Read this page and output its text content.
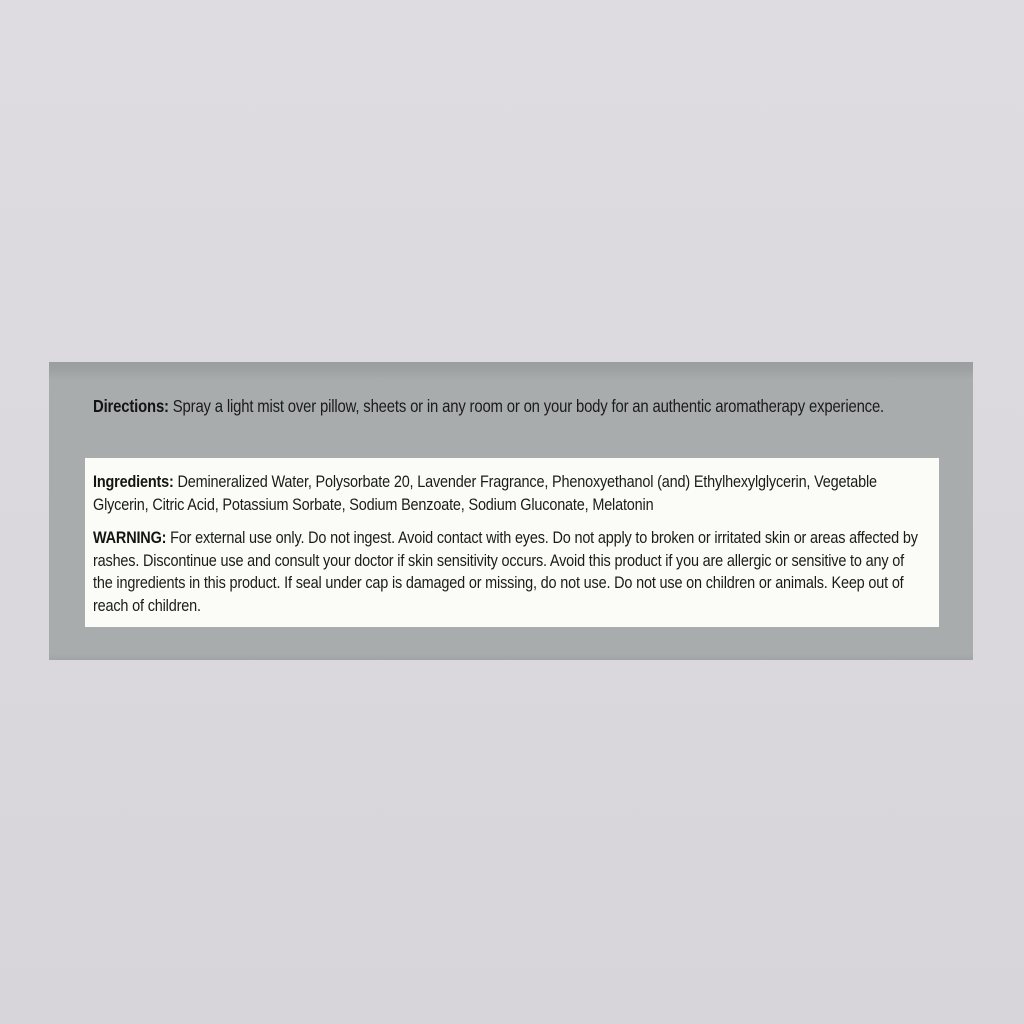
Directions: Spray a light mist over pillow, sheets or in any room or on your body for an authentic aromatherapy experience.

Ingredients: Demineralized Water, Polysorbate 20, Lavender Fragrance, Phenoxyethanol (and) Ethylhexylglycerin, Vegetable Glycerin, Citric Acid, Potassium Sorbate, Sodium Benzoate, Sodium Gluconate, Melatonin

WARNING: For external use only. Do not ingest. Avoid contact with eyes. Do not apply to broken or irritated skin or areas affected by rashes. Discontinue use and consult your doctor if skin sensitivity occurs. Avoid this product if you are allergic or sensitive to any of the ingredients in this product. If seal under cap is damaged or missing, do not use. Do not use on children or animals. Keep out of reach of children.
